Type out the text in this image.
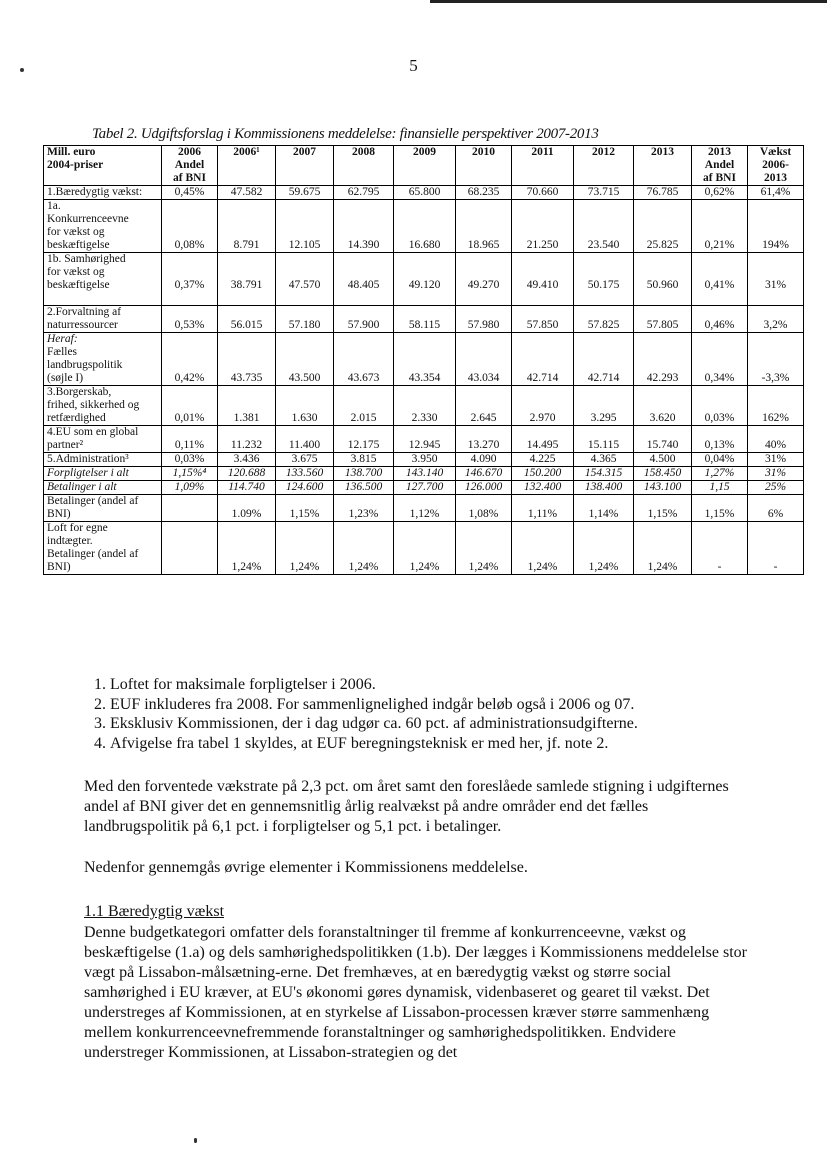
5
Tabel 2. Udgiftsforslag i Kommissionens meddelelse: finansielle perspektiver 2007-2013
Mill. euro
2004-priser	2006
Andel
af BNI	2006¹	2007	2008	2009	2010	2011	2012	2013	2013
Andel
af BNI	Vækst
2006-
2013
1.Bæredygtig vækst:	0,45%	47.582	59.675	62.795	65.800	68.235	70.660	73.715	76.785	0,62%	61,4%
1a.
Konkurrenceevne
for vækst og
beskæftigelse	0,08%	8.791	12.105	14.390	16.680	18.965	21.250	23.540	25.825	0,21%	194%
1b. Samhørighed
for vækst og
beskæftigelse	0,37%	38.791	47.570	48.405	49.120	49.270	49.410	50.175	50.960	0,41%	31%
2.Forvaltning af
naturressourcer	0,53%	56.015	57.180	57.900	58.115	57.980	57.850	57.825	57.805	0,46%	3,2%
Heraf:
Fælles
landbrugspolitik
(søjle I)	0,42%	43.735	43.500	43.673	43.354	43.034	42.714	42.714	42.293	0,34%	-3,3%
3.Borgerskab,
frihed, sikkerhed og
retfærdighed	0,01%	1.381	1.630	2.015	2.330	2.645	2.970	3.295	3.620	0,03%	162%
4.EU som en global
partner²	0,11%	11.232	11.400	12.175	12.945	13.270	14.495	15.115	15.740	0,13%	40%
5.Administration³	0,03%	3.436	3.675	3.815	3.950	4.090	4.225	4.365	4.500	0,04%	31%
Forpligtelser i alt	1,15%⁴	120.688	133.560	138.700	143.140	146.670	150.200	154.315	158.450	1,27%	31%
Betalinger i alt	1,09%	114.740	124.600	136.500	127.700	126.000	132.400	138.400	143.100	1,15	25%
Betalinger (andel af
BNI)		1.09%	1,15%	1,23%	1,12%	1,08%	1,11%	1,14%	1,15%	1,15%	6%
Loft for egne
indtægter.
Betalinger (andel af
BNI)		1,24%	1,24%	1,24%	1,24%	1,24%	1,24%	1,24%	1,24%	-	-
1. Loftet for maksimale forpligtelser i 2006.
2. EUF inkluderes fra 2008. For sammenlignelighed indgår beløb også i 2006 og 07.
3. Eksklusiv Kommissionen, der i dag udgør ca. 60 pct. af administrationsudgifterne.
4. Afvigelse fra tabel 1 skyldes, at EUF beregningsteknisk er med her, jf. note 2.

Med den forventede vækstrate på 2,3 pct. om året samt den foreslåede samlede stigning i udgifternes andel af BNI giver det en gennemsnitlig årlig realvækst på andre områder end det fælles landbrugspolitik på 6,1 pct. i forpligtelser og 5,1 pct. i betalinger.

Nedenfor gennemgås øvrige elementer i Kommissionens meddelelse.

1.1 Bæredygtig vækst

Denne budgetkategori omfatter dels foranstaltninger til fremme af konkurrenceevne, vækst og beskæftigelse (1.a) og dels samhørighedspolitikken (1.b). Der lægges i Kommissionens meddelelse stor vægt på Lissabon-målsætning-erne. Det fremhæves, at en bæredygtig vækst og større social samhørighed i EU kræver, at EU's økonomi gøres dynamisk, videnbaseret og gearet til vækst. Det understreges af Kommissionen, at en styrkelse af Lissabon-processen kræver større sammenhæng mellem konkurrenceevnefremmende foranstaltninger og samhørighedspolitikken. Endvidere understreger Kommissionen, at Lissabon-strategien og det
